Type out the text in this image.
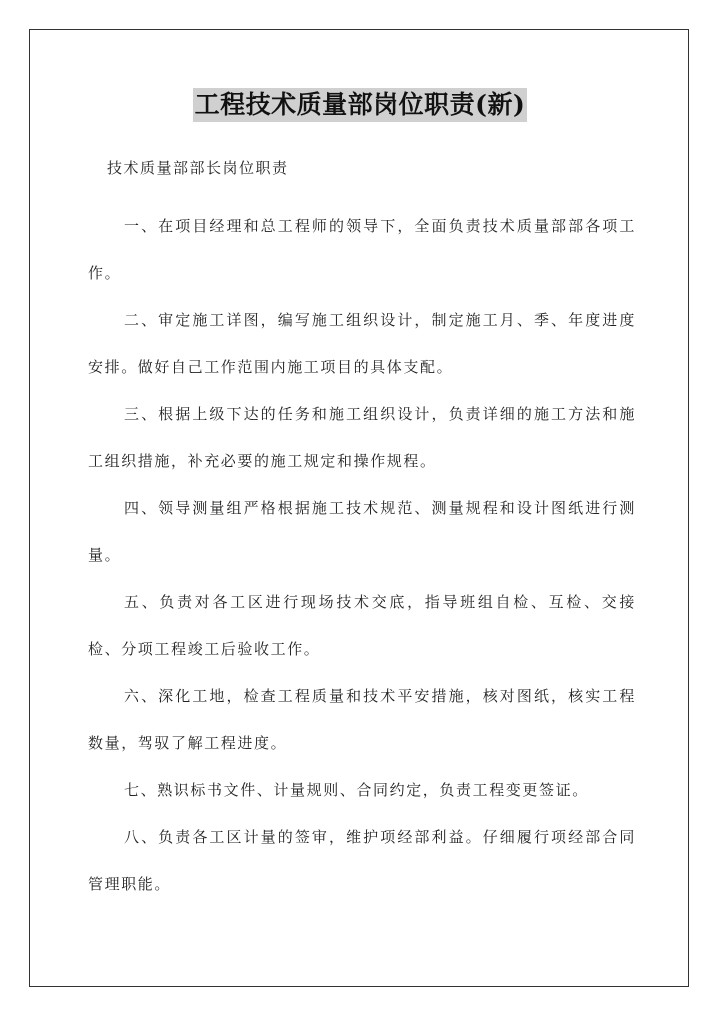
工程技术质量部岗位职责(新)
技术质量部部长岗位职责

一、在项目经理和总工程师的领导下，全面负责技术质量部部各项工作。

二、审定施工详图，编写施工组织设计，制定施工月、季、年度进度安排。做好自己工作范围内施工项目的具体支配。

三、根据上级下达的任务和施工组织设计，负责详细的施工方法和施工组织措施，补充必要的施工规定和操作规程。

四、领导测量组严格根据施工技术规范、测量规程和设计图纸进行测量。

五、负责对各工区进行现场技术交底，指导班组自检、互检、交接检、分项工程竣工后验收工作。

六、深化工地，检查工程质量和技术平安措施，核对图纸，核实工程数量，驾驭了解工程进度。

七、熟识标书文件、计量规则、合同约定，负责工程变更签证。

八、负责各工区计量的签审，维护项经部利益。仔细履行项经部合同管理职能。
